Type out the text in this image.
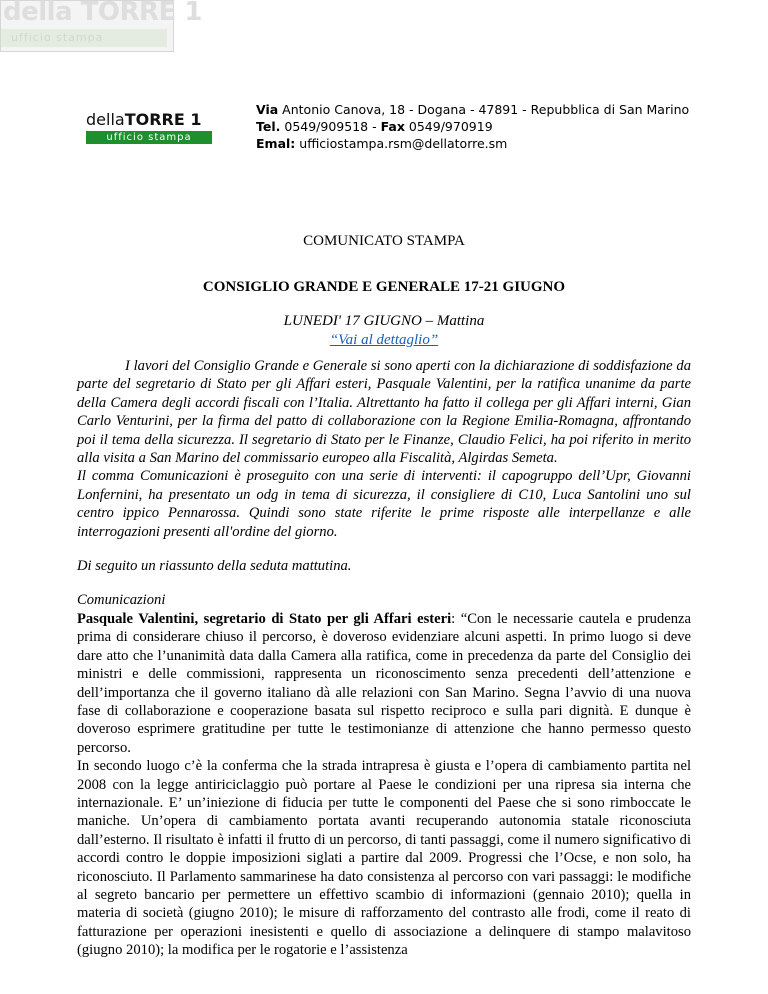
della TORRE 1
ufficio stampa
dellaTORRE 1
ufficio stampa
Via Antonio Canova, 18 - Dogana - 47891 - Repubblica di San Marino
Tel. 0549/909518 - Fax 0549/970919
Emal: ufficiostampa.rsm@dellatorre.sm
COMUNICATO STAMPA
CONSIGLIO GRANDE E GENERALE 17-21 GIUGNO
LUNEDI' 17 GIUGNO – Mattina
“Vai al dettaglio”

I lavori del Consiglio Grande e Generale si sono aperti con la dichiarazione di soddisfazione da parte del segretario di Stato per gli Affari esteri, Pasquale Valentini, per la ratifica unanime da parte della Camera degli accordi fiscali con l’Italia. Altrettanto ha fatto il collega per gli Affari interni, Gian Carlo Venturini, per la firma del patto di collaborazione con la Regione Emilia-Romagna, affrontando poi il tema della sicurezza. Il segretario di Stato per le Finanze, Claudio Felici, ha poi riferito in merito alla visita a San Marino del commissario europeo alla Fiscalità, Algirdas Semeta.

Il comma Comunicazioni è proseguito con una serie di interventi: il capogruppo dell’Upr, Giovanni Lonfernini, ha presentato un odg in tema di sicurezza, il consigliere di C10, Luca Santolini uno sul centro ippico Pennarossa. Quindi sono state riferite le prime risposte alle interpellanze e alle interrogazioni presenti all'ordine del giorno.

Di seguito un riassunto della seduta mattutina.

Comunicazioni

Pasquale Valentini, segretario di Stato per gli Affari esteri: “Con le necessarie cautela e prudenza prima di considerare chiuso il percorso, è doveroso evidenziare alcuni aspetti. In primo luogo si deve dare atto che l’unanimità data dalla Camera alla ratifica, come in precedenza da parte del Consiglio dei ministri e delle commissioni, rappresenta un riconoscimento senza precedenti dell’attenzione e dell’importanza che il governo italiano dà alle relazioni con San Marino. Segna l’avvio di una nuova fase di collaborazione e cooperazione basata sul rispetto reciproco e sulla pari dignità. E dunque è doveroso esprimere gratitudine per tutte le testimonianze di attenzione che hanno permesso questo percorso.

In secondo luogo c’è la conferma che la strada intrapresa è giusta e l’opera di cambiamento partita nel 2008 con la legge antiriciclaggio può portare al Paese le condizioni per una ripresa sia interna che internazionale. E’ un’iniezione di fiducia per tutte le componenti del Paese che si sono rimboccate le maniche. Un’opera di cambiamento portata avanti recuperando autonomia statale riconosciuta dall’esterno. Il risultato è infatti il frutto di un percorso, di tanti passaggi, come il numero significativo di accordi contro le doppie imposizioni siglati a partire dal 2009. Progressi che l’Ocse, e non solo, ha riconosciuto. Il Parlamento sammarinese ha dato consistenza al percorso con vari passaggi: le modifiche al segreto bancario per permettere un effettivo scambio di informazioni (gennaio 2010); quella in materia di società (giugno 2010); le misure di rafforzamento del contrasto alle frodi, come il reato di fatturazione per operazioni inesistenti e quello di associazione a delinquere di stampo malavitoso (giugno 2010); la modifica per le rogatorie e l’assistenza
